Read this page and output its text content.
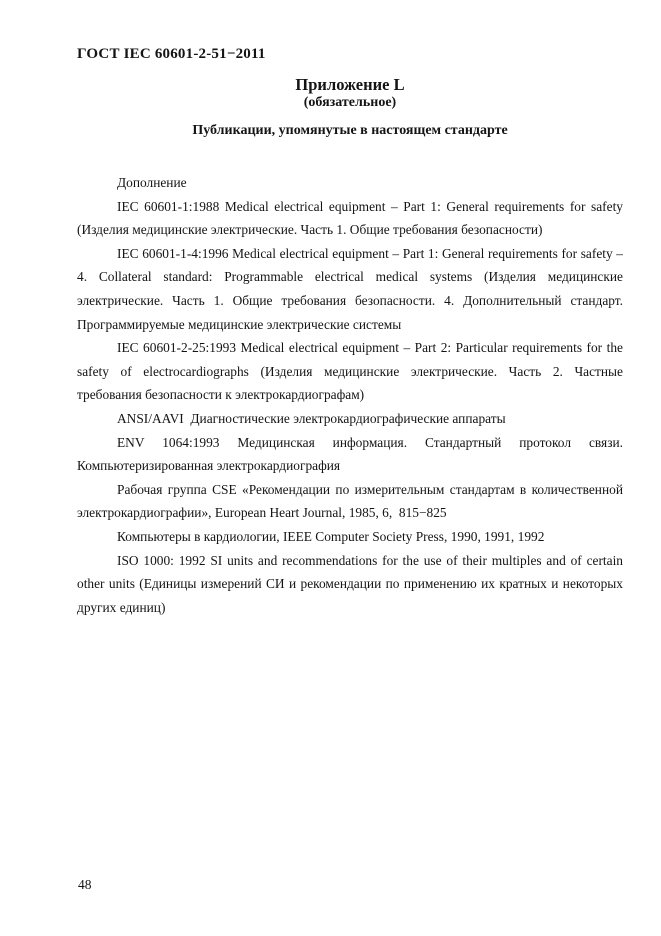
ГОСТ IEC 60601-2-51−2011
Приложение L
(обязательное)
Публикации, упомянутые в настоящем стандарте

Дополнение

IEC 60601-1:1988 Medical electrical equipment – Part 1: General requirements for safety (Изделия медицинские электрические. Часть 1. Общие требования безопасности)

IEC 60601-1-4:1996 Medical electrical equipment – Part 1: General requirements for safety – 4. Collateral standard: Programmable electrical medical systems (Изделия медицинские электрические. Часть 1. Общие требования безопасности. 4. Дополнительный стандарт. Программируемые медицинские электрические системы

IEC 60601-2-25:1993 Medical electrical equipment – Part 2: Particular requirements for the safety of electrocardiographs (Изделия медицинские электрические. Часть 2. Частные требования безопасности к электрокардиографам)

ANSI/AAVI  Диагностические электрокардиографические аппараты

ENV 1064:1993 Медицинская информация. Стандартный протокол связи. Компьютеризированная электрокардиография

Рабочая группа CSE «Рекомендации по измерительным стандартам в количественной электрокардиографии», European Heart Journal, 1985, 6,  815−825

Компьютеры в кардиологии, IEEE Computer Society Press, 1990, 1991, 1992

ISO 1000: 1992 SI units and recommendations for the use of their multiples and of certain other units (Единицы измерений СИ и рекомендации по применению их кратных и некоторых других единиц)

48
